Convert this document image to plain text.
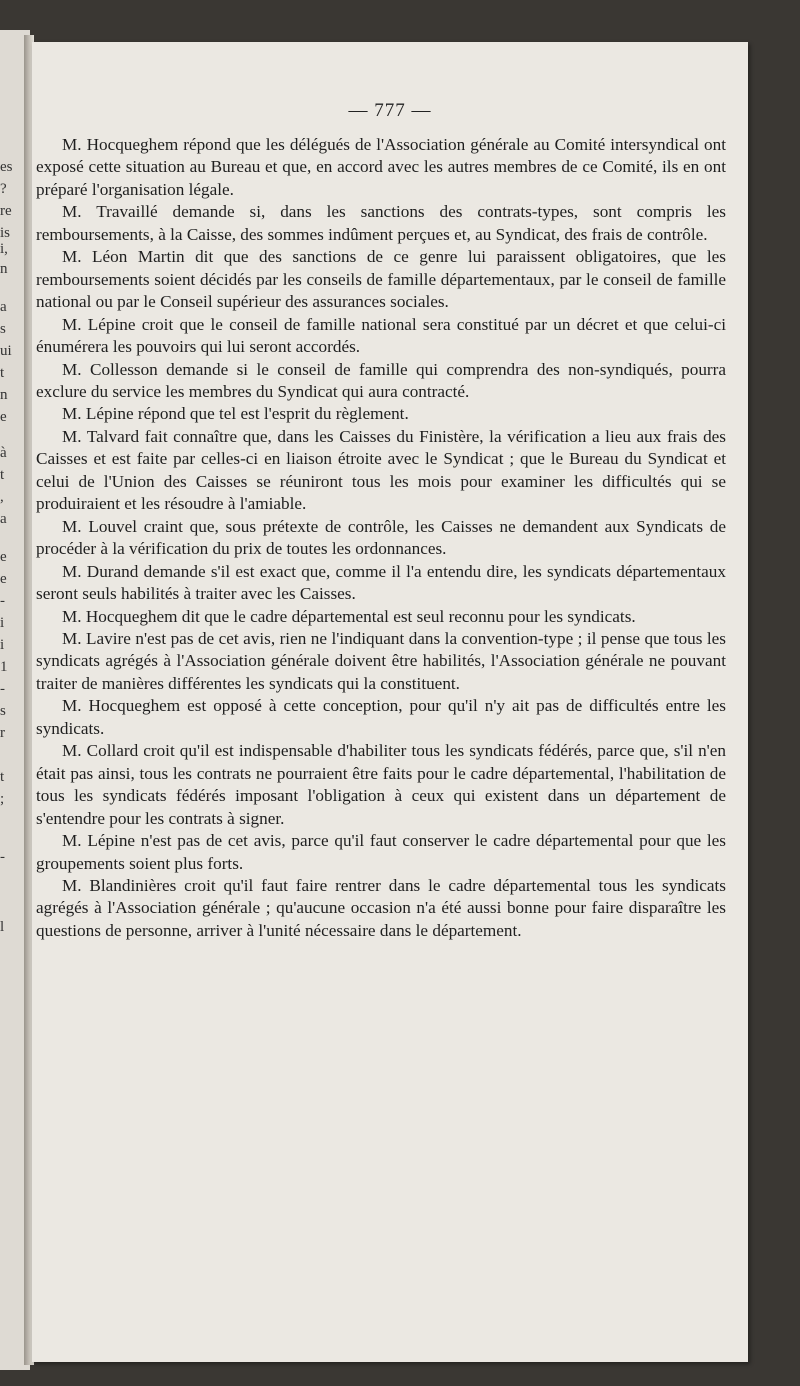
es
?
re
is
i,
n
a
s
ui
t
n
e
à
t
,
a
e
e
-
i
i
1
-
s
r
t
;
-
l
— 777 —

M. Hocqueghem répond que les délégués de l'Association générale au Comité intersyndical ont exposé cette situation au Bureau et que, en accord avec les autres membres de ce Comité, ils en ont préparé l'organisation légale.

M. Travaillé demande si, dans les sanctions des contrats-types, sont compris les remboursements, à la Caisse, des sommes indûment perçues et, au Syndicat, des frais de contrôle.

M. Léon Martin dit que des sanctions de ce genre lui paraissent obligatoires, que les remboursements soient décidés par les conseils de famille départementaux, par le conseil de famille national ou par le Conseil supérieur des assurances sociales.

M. Lépine croit que le conseil de famille national sera constitué par un décret et que celui-ci énumérera les pouvoirs qui lui seront accordés.

M. Collesson demande si le conseil de famille qui comprendra des non-syndiqués, pourra exclure du service les membres du Syndicat qui aura contracté.

M. Lépine répond que tel est l'esprit du règlement.

M. Talvard fait connaître que, dans les Caisses du Finistère, la vérification a lieu aux frais des Caisses et est faite par celles-ci en liaison étroite avec le Syndicat ; que le Bureau du Syndicat et celui de l'Union des Caisses se réuniront tous les mois pour examiner les difficultés qui se produiraient et les résoudre à l'amiable.

M. Louvel craint que, sous prétexte de contrôle, les Caisses ne demandent aux Syndicats de procéder à la vérification du prix de toutes les ordonnances.

M. Durand demande s'il est exact que, comme il l'a entendu dire, les syndicats départementaux seront seuls habilités à traiter avec les Caisses.

M. Hocqueghem dit que le cadre départemental est seul reconnu pour les syndicats.

M. Lavire n'est pas de cet avis, rien ne l'indiquant dans la convention-type ; il pense que tous les syndicats agrégés à l'Association générale doivent être habilités, l'Association générale ne pouvant traiter de manières différentes les syndicats qui la constituent.

M. Hocqueghem est opposé à cette conception, pour qu'il n'y ait pas de difficultés entre les syndicats.

M. Collard croit qu'il est indispensable d'habiliter tous les syndicats fédérés, parce que, s'il n'en était pas ainsi, tous les contrats ne pourraient être faits pour le cadre départemental, l'habilitation de tous les syndicats fédérés imposant l'obligation à ceux qui existent dans un département de s'entendre pour les contrats à signer.

M. Lépine n'est pas de cet avis, parce qu'il faut conserver le cadre départemental pour que les groupements soient plus forts.

M. Blandinières croit qu'il faut faire rentrer dans le cadre départemental tous les syndicats agrégés à l'Association générale ; qu'aucune occasion n'a été aussi bonne pour faire disparaître les questions de personne, arriver à l'unité nécessaire dans le département.
